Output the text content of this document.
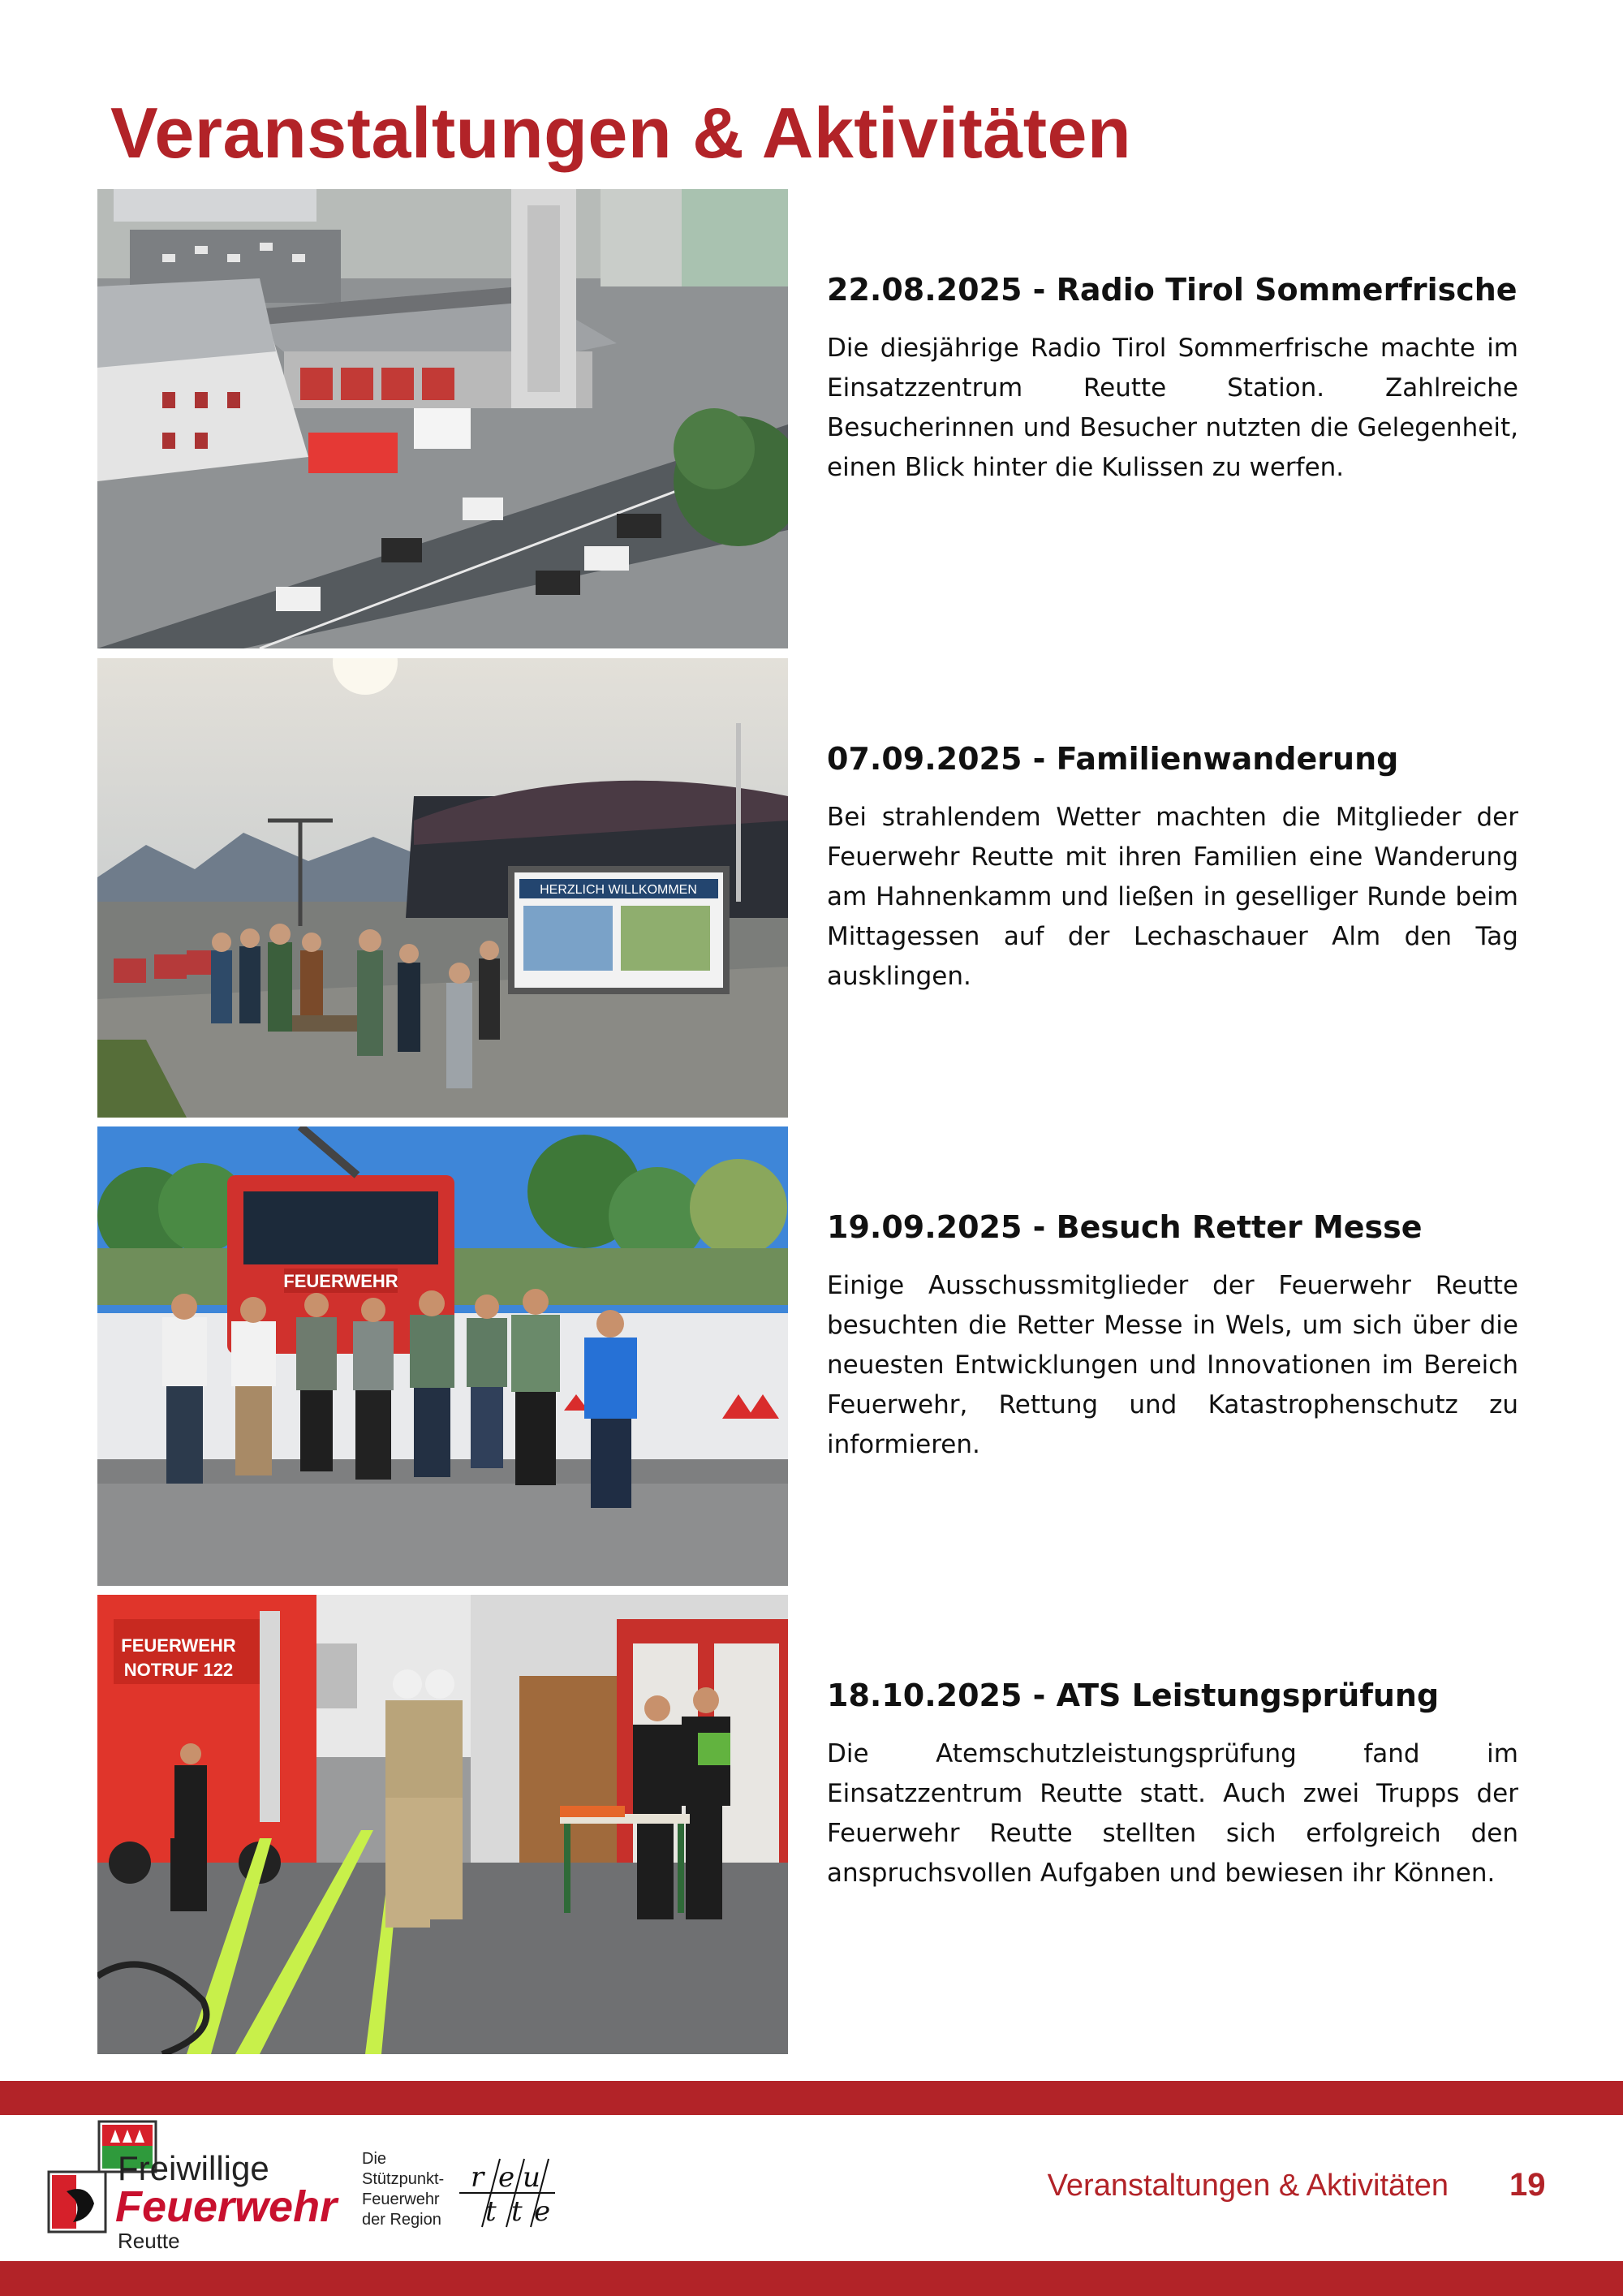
Veranstaltungen & Aktivitäten
22.08.2025 - Radio Tirol Sommerfrische

Die diesjährige Radio Tirol Sommerfrische machte im Einsatzzentrum Reutte Station. Zahlreiche Besucherinnen und Besucher nutzten die Gelegenheit, einen Blick hinter die Kulissen zu werfen.

HERZLICH WILLKOMMEN
07.09.2025 - Familienwanderung

Bei strahlendem Wetter machten die Mitglieder der Feuerwehr Reutte mit ihren Familien eine Wanderung am Hahnenkamm und ließen in geselliger Runde beim Mittagessen auf der Lechaschauer Alm den Tag ausklingen.

FEUERWEHR
19.09.2025 - Besuch Retter Messe

Einige Ausschussmitglieder der Feuerwehr Reutte besuchten die Retter Messe in Wels, um sich über die neuesten Entwicklungen und Innovationen im Bereich Feuerwehr, Rettung und Katastrophenschutz zu informieren.

FEUERWEHR
NOTRUF 122
18.10.2025 - ATS Leistungsprüfung

Die Atemschutzleistungsprüfung fand im Einsatzzentrum Reutte statt. Auch zwei Trupps der Feuerwehr Reutte stellten sich erfolgreich den anspruchsvollen Aufgaben und bewiesen ihr Können.

Freiwillige
Feuerwehr
Reutte
Die
Stützpunkt-
Feuerwehr
der Region
r e u
t t e
Veranstaltungen & Aktivitäten 19
